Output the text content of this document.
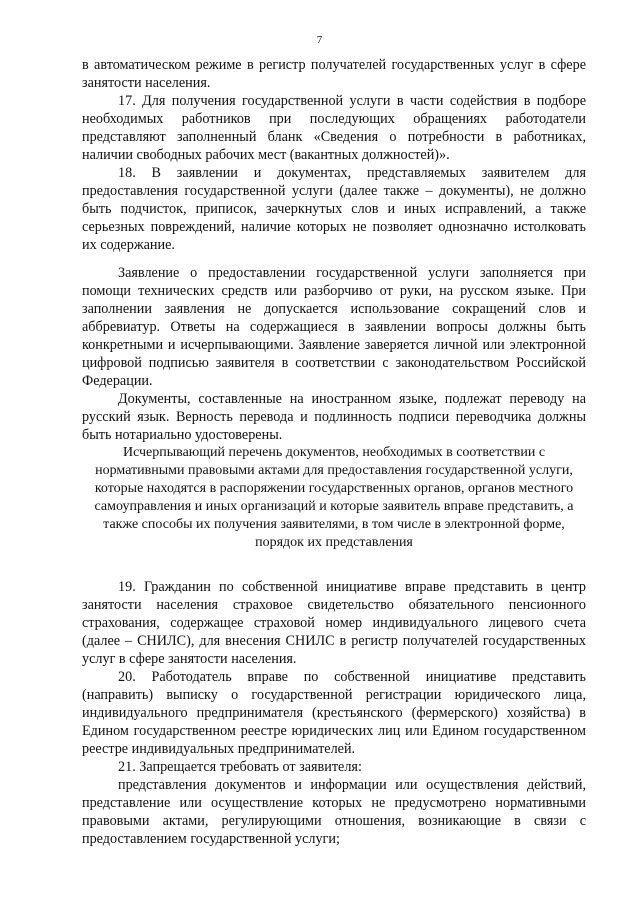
7

в автоматическом режиме в регистр получателей государственных услуг в сфере занятости населения.

17. Для получения государственной услуги в части содействия в подборе необходимых работников при последующих обращениях работодатели представляют заполненный бланк «Сведения о потребности в работниках, наличии свободных рабочих мест (вакантных должностей)».

18. В заявлении и документах, представляемых заявителем для предоставления государственной услуги (далее также – документы), не должно быть подчисток, приписок, зачеркнутых слов и иных исправлений, а также серьезных повреждений, наличие которых не позволяет однозначно истолковать их содержание.

Заявление о предоставлении государственной услуги заполняется при помощи технических средств или разборчиво от руки, на русском языке. При заполнении заявления не допускается использование сокращений слов и аббревиатур. Ответы на содержащиеся в заявлении вопросы должны быть конкретными и исчерпывающими. Заявление заверяется личной или электронной цифровой подписью заявителя в соответствии с законодательством Российской Федерации.

Документы, составленные на иностранном языке, подлежат переводу на русский язык. Верность перевода и подлинность подписи переводчика должны быть нотариально удостоверены.

Исчерпывающий перечень документов, необходимых в соответствии с нормативными правовыми актами для предоставления государственной услуги, которые находятся в распоряжении государственных органов, органов местного самоуправления и иных организаций и которые заявитель вправе представить, а также способы их получения заявителями, в том числе в электронной форме, порядок их представления

19. Гражданин по собственной инициативе вправе представить в центр занятости населения страховое свидетельство обязательного пенсионного страхования, содержащее страховой номер индивидуального лицевого счета (далее – СНИЛС), для внесения СНИЛС в регистр получателей государственных услуг в сфере занятости населения.

20. Работодатель вправе по собственной инициативе представить (направить) выписку о государственной регистрации юридического лица, индивидуального предпринимателя (крестьянского (фермерского) хозяйства) в Едином государственном реестре юридических лиц или Едином государственном реестре индивидуальных предпринимателей.

21. Запрещается требовать от заявителя:

представления документов и информации или осуществления действий, представление или осуществление которых не предусмотрено нормативными правовыми актами, регулирующими отношения, возникающие в связи с предоставлением государственной услуги;
